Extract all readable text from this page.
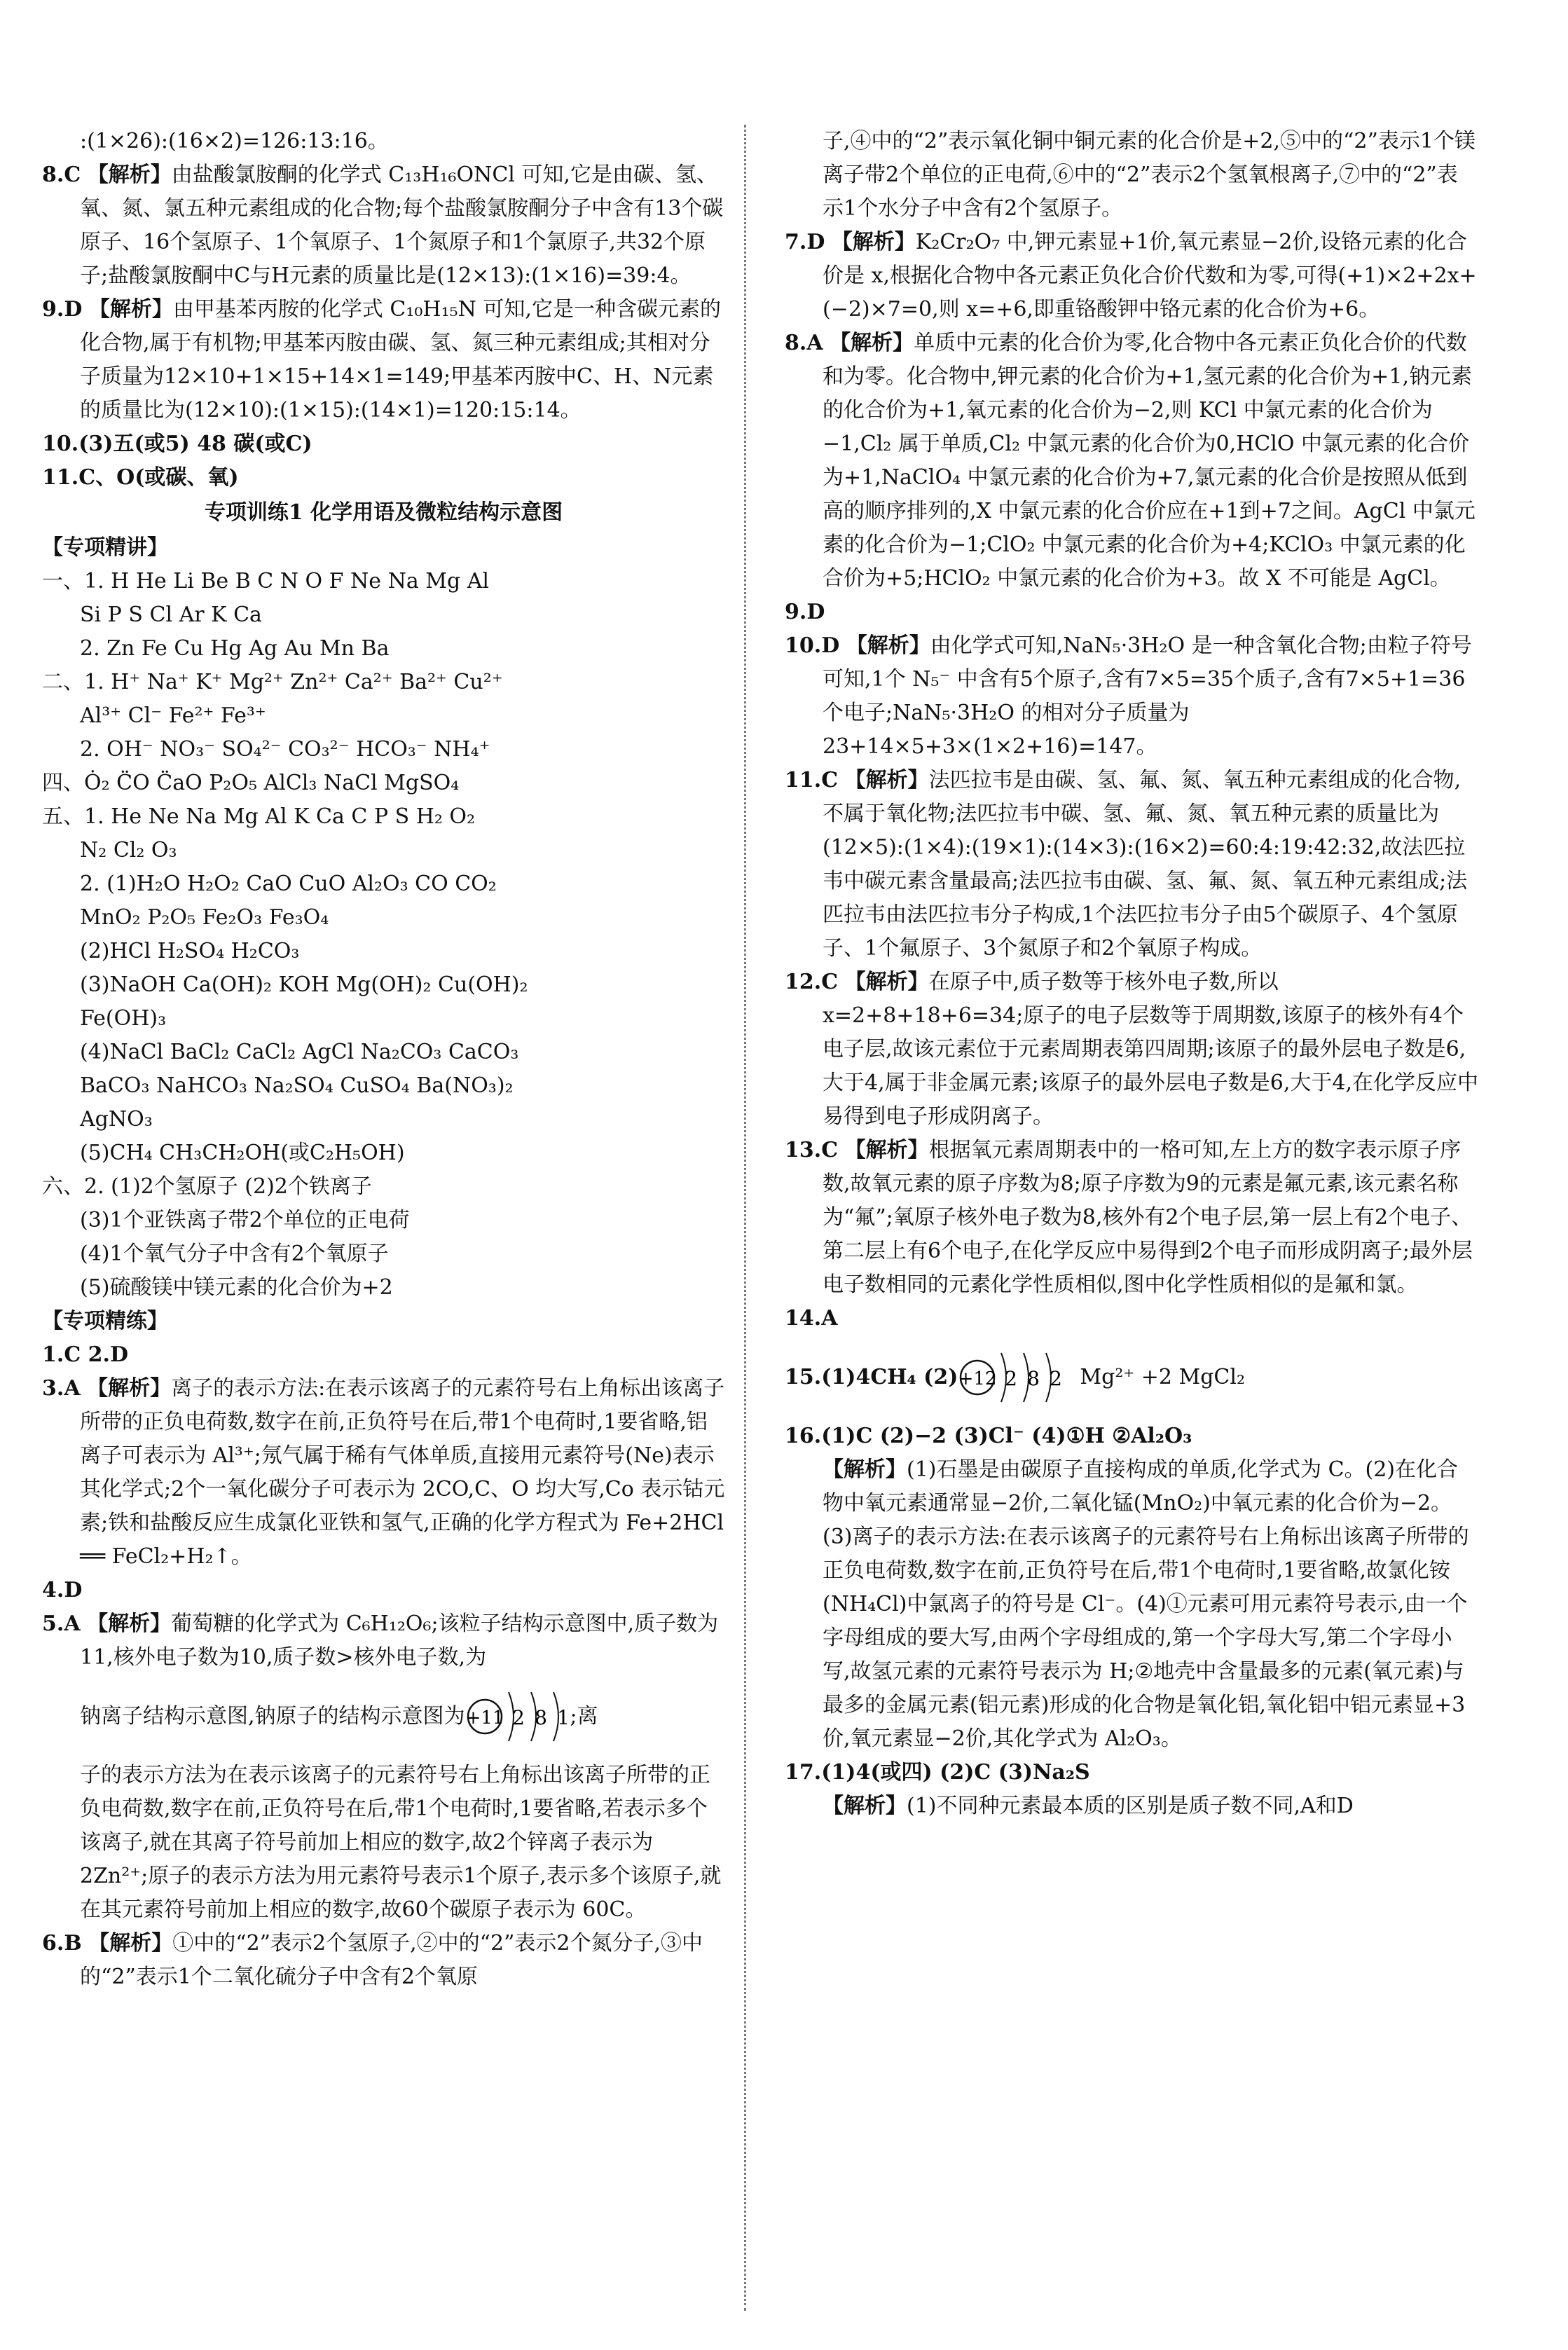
:(1×26):(16×2)=126:13:16。

8.C 【解析】由盐酸氯胺酮的化学式 C₁₃H₁₆ONCl 可知,它是由碳、氢、氧、氮、氯五种元素组成的化合物;每个盐酸氯胺酮分子中含有13个碳原子、16个氢原子、1个氧原子、1个氮原子和1个氯原子,共32个原子;盐酸氯胺酮中C与H元素的质量比是(12×13):(1×16)=39:4。

9.D 【解析】由甲基苯丙胺的化学式 C₁₀H₁₅N 可知,它是一种含碳元素的化合物,属于有机物;甲基苯丙胺由碳、氢、氮三种元素组成;其相对分子质量为12×10+1×15+14×1=149;甲基苯丙胺中C、H、N元素的质量比为(12×10):(1×15):(14×1)=120:15:14。

10.(3)五(或5) 48 碳(或C)

11.C、O(或碳、氧)

专项训练1 化学用语及微粒结构示意图

【专项精讲】

一、1. H He Li Be B C N O F Ne Na Mg Al

Si P S Cl Ar K Ca

2. Zn Fe Cu Hg Ag Au Mn Ba

二、1. H⁺ Na⁺ K⁺ Mg²⁺ Zn²⁺ Ca²⁺ Ba²⁺ Cu²⁺

Al³⁺ Cl⁻ Fe²⁺ Fe³⁺

2. OH⁻ NO₃⁻ SO₄²⁻ CO₃²⁻ HCO₃⁻ NH₄⁺

四、Ȯ₂ C̈O C̈aO P₂O₅ AlCl₃ NaCl MgSO₄

五、1. He Ne Na Mg Al K Ca C P S H₂ O₂

N₂ Cl₂ O₃

2. (1)H₂O H₂O₂ CaO CuO Al₂O₃ CO CO₂

MnO₂ P₂O₅ Fe₂O₃ Fe₃O₄

(2)HCl H₂SO₄ H₂CO₃

(3)NaOH Ca(OH)₂ KOH Mg(OH)₂ Cu(OH)₂

Fe(OH)₃

(4)NaCl BaCl₂ CaCl₂ AgCl Na₂CO₃ CaCO₃

BaCO₃ NaHCO₃ Na₂SO₄ CuSO₄ Ba(NO₃)₂

AgNO₃

(5)CH₄ CH₃CH₂OH(或C₂H₅OH)

六、2. (1)2个氢原子 (2)2个铁离子

(3)1个亚铁离子带2个单位的正电荷

(4)1个氧气分子中含有2个氧原子

(5)硫酸镁中镁元素的化合价为+2

【专项精练】

1.C 2.D

3.A 【解析】离子的表示方法:在表示该离子的元素符号右上角标出该离子所带的正负电荷数,数字在前,正负符号在后,带1个电荷时,1要省略,铝离子可表示为 Al³⁺;氖气属于稀有气体单质,直接用元素符号(Ne)表示其化学式;2个一氧化碳分子可表示为 2CO,C、O 均大写,Co 表示钴元素;铁和盐酸反应生成氯化亚铁和氢气,正确的化学方程式为 Fe+2HCl ══ FeCl₂+H₂↑。

4.D

5.A 【解析】葡萄糖的化学式为 C₆H₁₂O₆;该粒子结构示意图中,质子数为11,核外电子数为10,质子数>核外电子数,为

钠离子结构示意图,钠原子的结构示意图为 +11 2 8 1 ;离

子的表示方法为在表示该离子的元素符号右上角标出该离子所带的正负电荷数,数字在前,正负符号在后,带1个电荷时,1要省略,若表示多个该离子,就在其离子符号前加上相应的数字,故2个锌离子表示为 2Zn²⁺;原子的表示方法为用元素符号表示1个原子,表示多个该原子,就在其元素符号前加上相应的数字,故60个碳原子表示为 60C。

6.B 【解析】①中的“2”表示2个氢原子,②中的“2”表示2个氮分子,③中的“2”表示1个二氧化硫分子中含有2个氧原

子,④中的“2”表示氧化铜中铜元素的化合价是+2,⑤中的“2”表示1个镁离子带2个单位的正电荷,⑥中的“2”表示2个氢氧根离子,⑦中的“2”表示1个水分子中含有2个氢原子。

7.D 【解析】K₂Cr₂O₇ 中,钾元素显+1价,氧元素显−2价,设铬元素的化合价是 x,根据化合物中各元素正负化合价代数和为零,可得(+1)×2+2x+(−2)×7=0,则 x=+6,即重铬酸钾中铬元素的化合价为+6。

8.A 【解析】单质中元素的化合价为零,化合物中各元素正负化合价的代数和为零。化合物中,钾元素的化合价为+1,氢元素的化合价为+1,钠元素的化合价为+1,氧元素的化合价为−2,则 KCl 中氯元素的化合价为−1,Cl₂ 属于单质,Cl₂ 中氯元素的化合价为0,HClO 中氯元素的化合价为+1,NaClO₄ 中氯元素的化合价为+7,氯元素的化合价是按照从低到高的顺序排列的,X 中氯元素的化合价应在+1到+7之间。AgCl 中氯元素的化合价为−1;ClO₂ 中氯元素的化合价为+4;KClO₃ 中氯元素的化合价为+5;HClO₂ 中氯元素的化合价为+3。故 X 不可能是 AgCl。

9.D

10.D 【解析】由化学式可知,NaN₅·3H₂O 是一种含氧化合物;由粒子符号可知,1个 N₅⁻ 中含有5个原子,含有7×5=35个质子,含有7×5+1=36个电子;NaN₅·3H₂O 的相对分子质量为23+14×5+3×(1×2+16)=147。

11.C 【解析】法匹拉韦是由碳、氢、氟、氮、氧五种元素组成的化合物,不属于氧化物;法匹拉韦中碳、氢、氟、氮、氧五种元素的质量比为(12×5):(1×4):(19×1):(14×3):(16×2)=60:4:19:42:32,故法匹拉韦中碳元素含量最高;法匹拉韦由碳、氢、氟、氮、氧五种元素组成;法匹拉韦由法匹拉韦分子构成,1个法匹拉韦分子由5个碳原子、4个氢原子、1个氟原子、3个氮原子和2个氧原子构成。

12.C 【解析】在原子中,质子数等于核外电子数,所以 x=2+8+18+6=34;原子的电子层数等于周期数,该原子的核外有4个电子层,故该元素位于元素周期表第四周期;该原子的最外层电子数是6,大于4,属于非金属元素;该原子的最外层电子数是6,大于4,在化学反应中易得到电子形成阴离子。

13.C 【解析】根据氧元素周期表中的一格可知,左上方的数字表示原子序数,故氧元素的原子序数为8;原子序数为9的元素是氟元素,该元素名称为“氟”;氧原子核外电子数为8,核外有2个电子层,第一层上有2个电子、第二层上有6个电子,在化学反应中易得到2个电子而形成阴离子;最外层电子数相同的元素化学性质相似,图中化学性质相似的是氟和氯。

14.A

15.(1)4CH₄ (2) +12 2 8 2 Mg²⁺ +2 MgCl₂

16.(1)C (2)−2 (3)Cl⁻ (4)①H ②Al₂O₃

【解析】(1)石墨是由碳原子直接构成的单质,化学式为 C。(2)在化合物中氧元素通常显−2价,二氧化锰(MnO₂)中氧元素的化合价为−2。(3)离子的表示方法:在表示该离子的元素符号右上角标出该离子所带的正负电荷数,数字在前,正负符号在后,带1个电荷时,1要省略,故氯化铵(NH₄Cl)中氯离子的符号是 Cl⁻。(4)①元素可用元素符号表示,由一个字母组成的要大写,由两个字母组成的,第一个字母大写,第二个字母小写,故氢元素的元素符号表示为 H;②地壳中含量最多的元素(氧元素)与最多的金属元素(铝元素)形成的化合物是氧化铝,氧化铝中铝元素显+3价,氧元素显−2价,其化学式为 Al₂O₃。

17.(1)4(或四) (2)C (3)Na₂S

【解析】(1)不同种元素最本质的区别是质子数不同,A和D
